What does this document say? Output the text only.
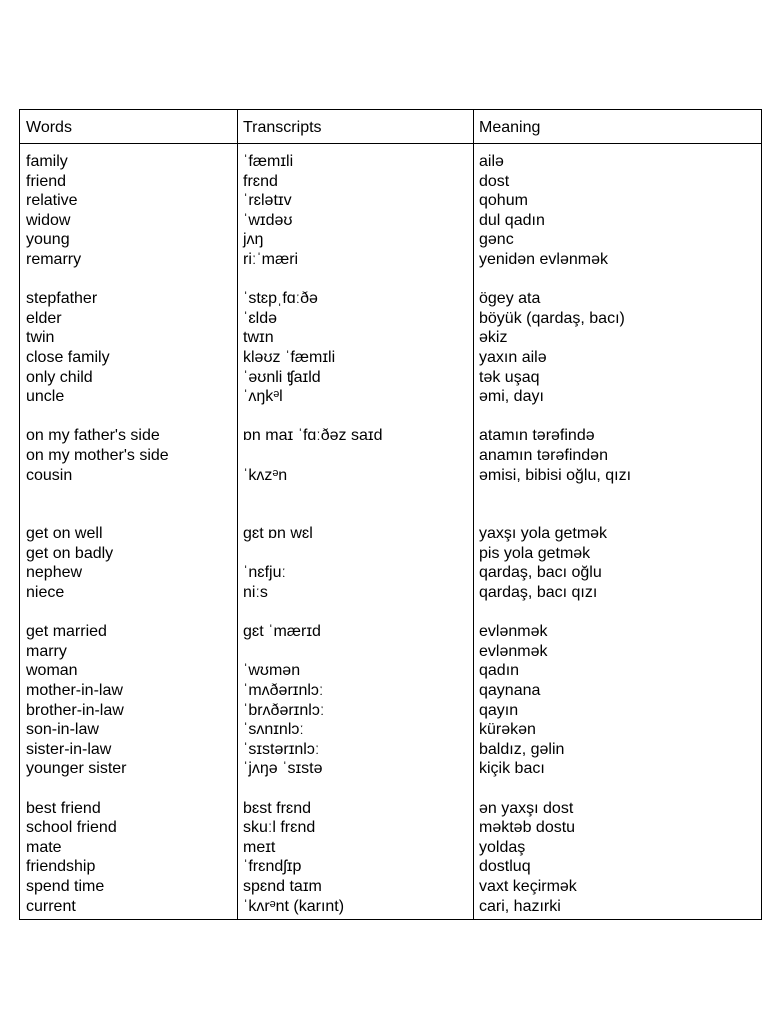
Words	Transcripts	Meaning
family
friend
relative
widow
young
remarry
stepfather
elder
twin
close family
only child
uncle
on my father's side
on my mother's side
cousin
get on well
get on badly
nephew
niece
get married
marry
woman
mother-in-law
brother-in-law
son-in-law
sister-in-law
younger sister
best friend
school friend
mate
friendship
spend time
current
ˈfæmɪli
frɛnd
ˈrɛlətɪv
ˈwɪdəʊ
jʌŋ
riːˈmæri
ˈstɛpˌfɑːðə
ˈɛldə
twɪn
kləʊz ˈfæmɪli
ˈəʊnli ʧaɪld
ˈʌŋkᵊl
ɒn maɪ ˈfɑːðəz saɪd
ˈkʌzᵊn
gɛt ɒn wɛl
ˈnɛfjuː
niːs
gɛt ˈmærɪd
ˈwʊmən
ˈmʌðərɪnlɔː
ˈbrʌðərɪnlɔː
ˈsʌnɪnlɔː
ˈsɪstərɪnlɔː
ˈjʌŋə ˈsɪstə
bɛst frɛnd
skuːl frɛnd
meɪt
ˈfrɛndʃɪp
spɛnd taɪm
ˈkʌrᵊnt (karınt)
ailə
dost
qohum
dul qadın
gənc
yenidən evlənmək
ögey ata
böyük (qardaş, bacı)
əkiz
yaxın ailə
tək uşaq
əmi, dayı
atamın tərəfində
anamın tərəfindən
əmisi, bibisi oğlu, qızı
yaxşı yola getmək
pis yola getmək
qardaş, bacı oğlu
qardaş, bacı qızı
evlənmək
evlənmək
qadın
qaynana
qayın
kürəkən
baldız, gəlin
kiçik bacı
ən yaxşı dost
məktəb dostu
yoldaş
dostluq
vaxt keçirmək
cari, hazırki
